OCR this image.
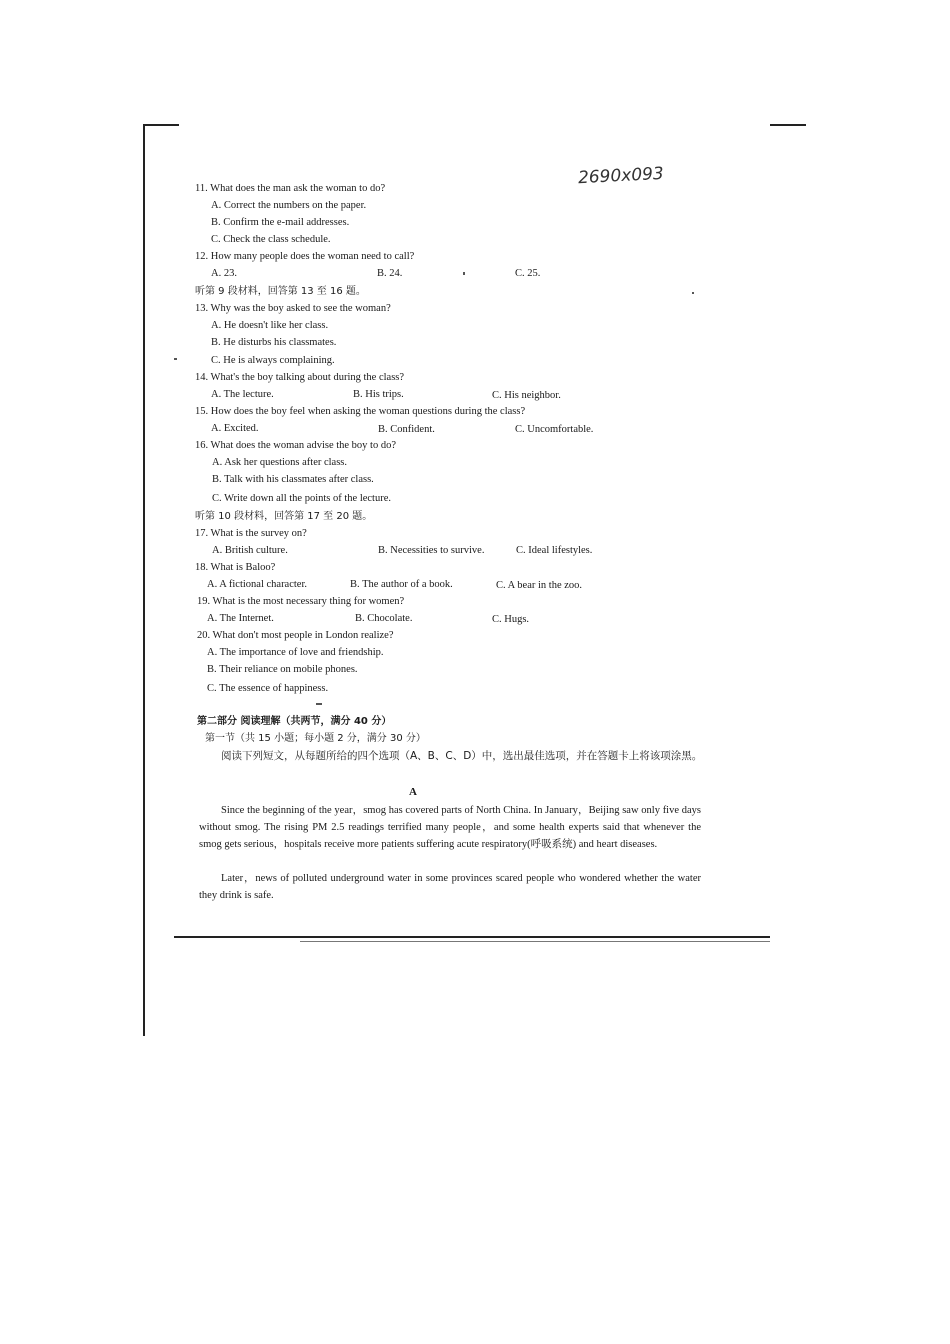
2690x093
11. What does the man ask the woman to do?
A. Correct the numbers on the paper.
B. Confirm the e-mail addresses.
C. Check the class schedule.
12. How many people does the woman need to call?
A. 23.	B. 24.	C. 25.
听第 9 段材料，回答第 13 至 16 题。
13. Why was the boy asked to see the woman?
A. He doesn't like her class.
B. He disturbs his classmates.
C. He is always complaining.
14. What's the boy talking about during the class?
A. The lecture.	B. His trips.	C. His neighbor.
15. How does the boy feel when asking the woman questions during the class?
A. Excited.	B. Confident.	C. Uncomfortable.
16. What does the woman advise the boy to do?
A. Ask her questions after class.
B. Talk with his classmates after class.
C. Write down all the points of the lecture.
听第 10 段材料，回答第 17 至 20 题。
17. What is the survey on?
A. British culture.	B. Necessities to survive.	C. Ideal lifestyles.
18. What is Baloo?
A. A fictional character.	B. The author of a book.	C. A bear in the zoo.
19. What is the most necessary thing for women?
A. The Internet.	B. Chocolate.	C. Hugs.
20. What don't most people in London realize?
A. The importance of love and friendship.
B. Their reliance on mobile phones.
C. The essence of happiness.
第二部分 阅读理解（共两节，满分 40 分）
第一节（共 15 小题；每小题 2 分，满分 30 分）
阅读下列短文，从每题所给的四个选项（A、B、C、D）中，选出最佳选项，并在答题卡上将该项涂黑。
A
Since the beginning of the year，smog has covered parts of North China. In January，Beijing saw only five days without smog. The rising PM 2.5 readings terrified many people，and some health experts said that whenever the smog gets serious，hospitals receive more patients suffering acute respiratory(呼吸系统) and heart diseases.
Later，news of polluted underground water in some provinces scared people who wondered whether the water they drink is safe.
